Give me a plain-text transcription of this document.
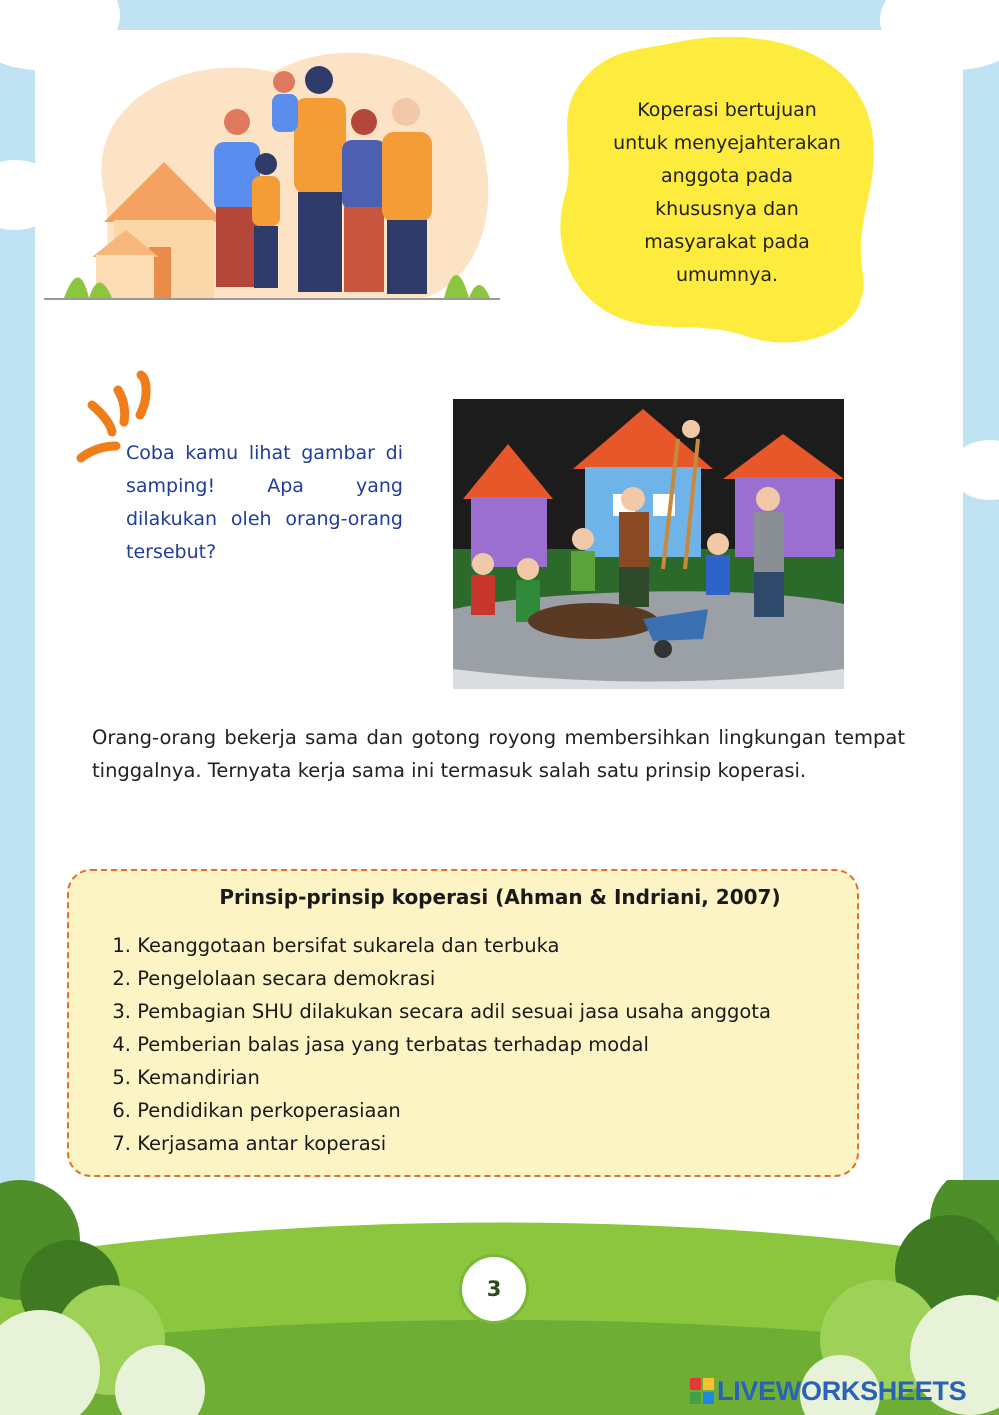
Koperasi bertujuan
untuk menyejahterakan
anggota pada
khususnya dan
masyarakat pada
umumnya.
Coba kamu lihat gambar di samping! Apa yang dilakukan oleh orang-orang tersebut?
Orang-orang bekerja sama dan gotong royong membersihkan lingkungan tempat tinggalnya. Ternyata kerja sama ini termasuk salah satu prinsip koperasi.
Prinsip-prinsip koperasi (Ahman & Indriani, 2007)
1. Keanggotaan bersifat sukarela dan terbuka
2. Pengelolaan secara demokrasi
3. Pembagian SHU dilakukan secara adil sesuai jasa usaha anggota
4. Pemberian balas jasa yang terbatas terhadap modal
5. Kemandirian
6. Pendidikan perkoperasiaan
7. Kerjasama antar koperasi
3
LIVEWORKSHEETS
